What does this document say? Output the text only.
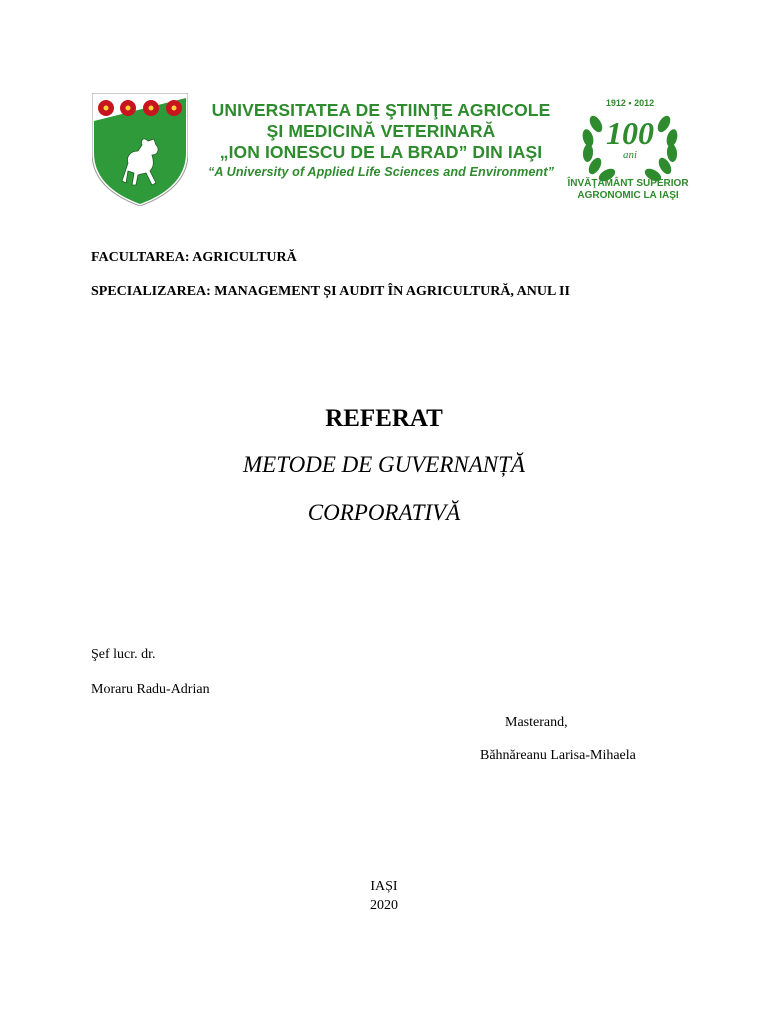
UNIVERSITATEA DE ŞTIINŢE AGRICOLE
ŞI MEDICINĂ VETERINARĂ
„ION IONESCU DE LA BRAD” DIN IAŞI
“A University of Applied Life Sciences and Environment”
1912 • 2012
100
ani
ÎNVĂŢĂMÂNT SUPERIOR
AGRONOMIC LA IAŞI
FACULTAREA: AGRICULTURĂ
SPECIALIZAREA: MANAGEMENT ȘI AUDIT ÎN AGRICULTURĂ, ANUL II
REFERAT
METODE DE GUVERNANȚĂ
CORPORATIVĂ
Şef lucr. dr.
Moraru Radu-Adrian
Masterand,
Băhnăreanu Larisa-Mihaela
IAȘI
2020
